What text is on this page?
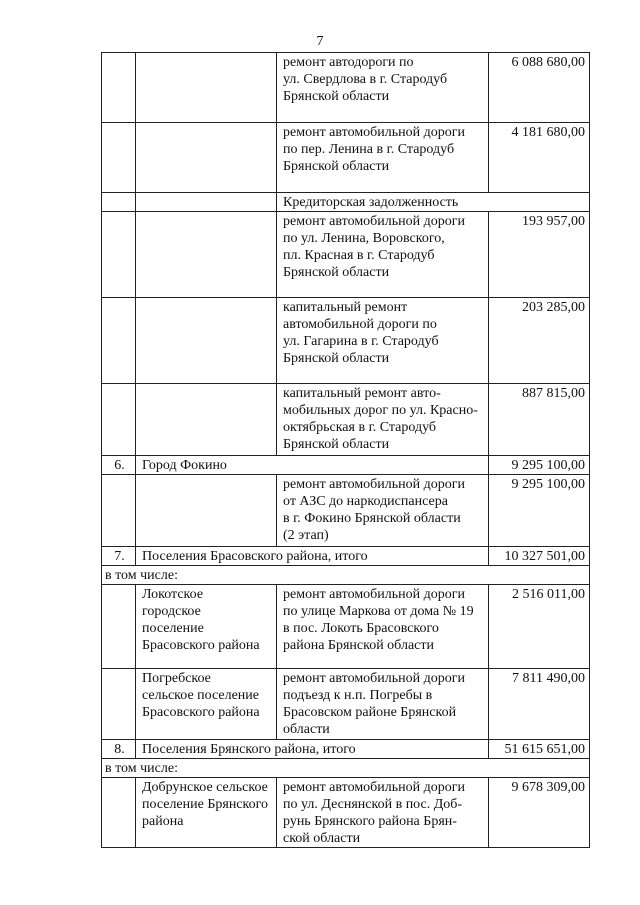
7
		ремонт автодороги по
ул. Свердлова в г. Стародуб
Брянской области	6 088 680,00
		ремонт автомобильной дороги
по пер. Ленина в г. Стародуб
Брянской области	4 181 680,00
		Кредиторская задолженность	
		ремонт автомобильной дороги
по ул. Ленина, Воровского,
пл. Красная в г. Стародуб
Брянской области	193 957,00
		капитальный ремонт
автомобильной дороги по
ул. Гагарина в г. Стародуб
Брянской области	203 285,00
		капитальный ремонт авто-
мобильных дорог по ул. Красно-
октябрьская в г. Стародуб
Брянской области	887 815,00
6.	Город Фокино		9 295 100,00
		ремонт автомобильной дороги
от АЗС до наркодиспансера
в г. Фокино Брянской области
(2 этап)	9 295 100,00
7.	Поселения Брасовского района, итого		10 327 501,00
в том числе:			
	Локотское
городское
поселение
Брасовского района	ремонт автомобильной дороги
по улице Маркова от дома № 19
в пос. Локоть Брасовского
района Брянской области	2 516 011,00
	Погребское
сельское поселение
Брасовского района	ремонт автомобильной дороги
подъезд к н.п. Погребы в
Брасовском районе Брянской
области	7 811 490,00
8.	Поселения Брянского района, итого		51 615 651,00
в том числе:			
	Добрунское сельское
поселение Брянского
района	ремонт автомобильной дороги
по ул. Деснянской в пос. Доб-
рунь Брянского района Брян-
ской области	9 678 309,00
